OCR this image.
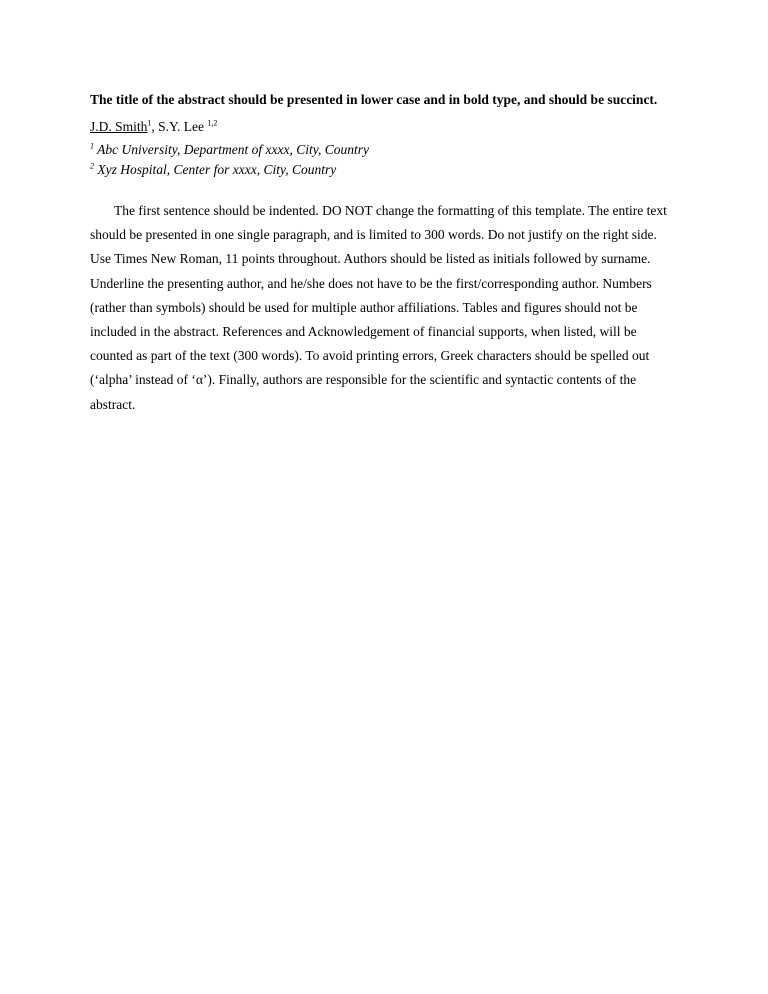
The title of the abstract should be presented in lower case and in bold type, and should be succinct.

J.D. Smith$^1$, S.Y. Lee $^{1,2}$

$^1$ Abc University, Department of xxxx, City, Country

$^2$ Xyz Hospital, Center for xxxx, City, Country

The first sentence should be indented. DO NOT change the formatting of this template. The entire text should be presented in one single paragraph, and is limited to 300 words. Do not justify on the right side. Use Times New Roman, 11 points throughout. Authors should be listed as initials followed by surname. Underline the presenting author, and he/she does not have to be the first/corresponding author. Numbers (rather than symbols) should be used for multiple author affiliations. Tables and figures should not be included in the abstract. References and Acknowledgement of financial supports, when listed, will be counted as part of the text (300 words). To avoid printing errors, Greek characters should be spelled out (‘alpha’ instead of ‘α’). Finally, authors are responsible for the scientific and syntactic contents of the abstract.
